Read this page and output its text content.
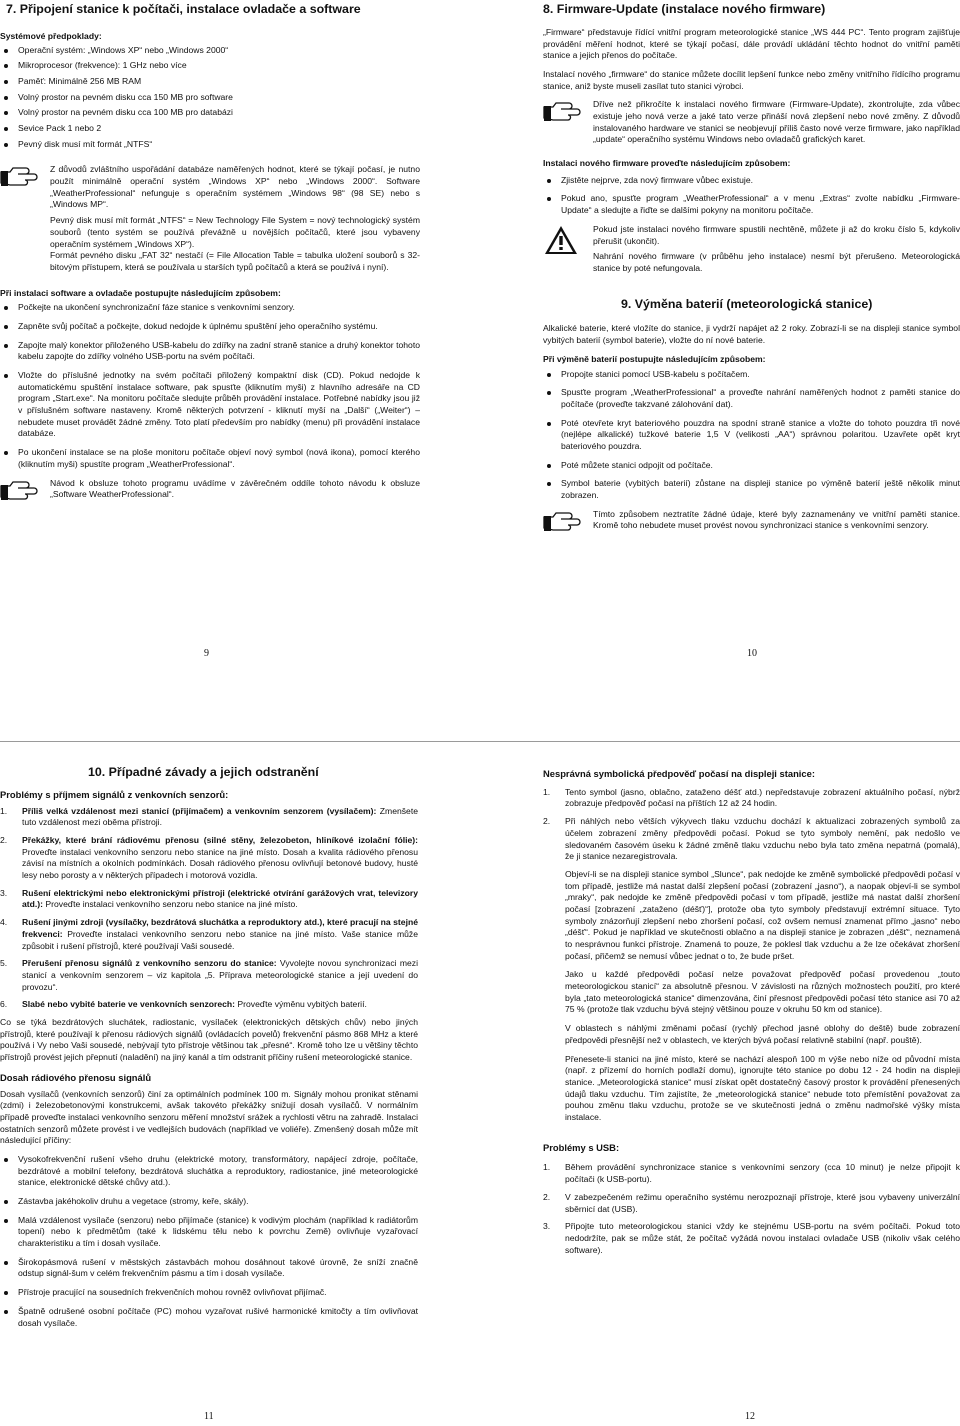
7. Připojení stanice k počítači, instalace ovladače a software
Systémové předpoklady:
Operační systém: „Windows XP“ nebo „Windows 2000“
Mikroprocesor (frekvence): 1 GHz nebo více
Paměť: Minimálně 256 MB RAM
Volný prostor na pevném disku cca 150 MB pro software
Volný prostor na pevném disku cca 100 MB pro databázi
Sevice Pack 1 nebo 2
Pevný disk musí mít formát „NTFS“

Z důvodů zvláštního uspořádání databáze naměřených hodnot, které se týkají počasí, je nutno použít minimálně operační systém „Windows XP“ nebo „Windows 2000“. Software „WeatherProfessional“ nefunguje s operačním systémem „Windows 98“ (98 SE) nebo s „Windows MP“.

Pevný disk musí mít formát „NTFS“ = New Technology File System = nový technologický systém souborů (tento systém se používá převážně u novějších počítačů, které jsou vybaveny operačním systémem „Windows XP“).

Formát pevného disku „FAT 32“ nestačí (= File Allocation Table = tabulka uložení souborů s 32-bitovým přístupem, která se používala u starších typů počítačů a která se používá i nyní).

Při instalaci software a ovladače postupujte následujícím způsobem:
Počkejte na ukončení synchronizační fáze stanice s venkovními senzory.
Zapněte svůj počítač a počkejte, dokud nedojde k úplnému spuštění jeho operačního systému.
Zapojte malý konektor přiloženého USB-kabelu do zdířky na zadní straně stanice a druhý konektor tohoto kabelu zapojte do zdířky volného USB-portu na svém počítači.
Vložte do příslušné jednotky na svém počítači přiložený kompaktní disk (CD). Pokud nedojde k automatickému spuštění instalace software, pak spusťte (kliknutím myši) z hlavního adresáře na CD program „Start.exe“. Na monitoru počítače sledujte průběh provádění instalace. Potřebné nabídky jsou již v příslušném software nastaveny. Kromě některých potvrzení - kliknutí myší na „Další“ („Weiter“) – nebudete muset provádět žádné změny. Toto platí především pro nabídky (menu) při provádění instalace databáze.
Po ukončení instalace se na ploše monitoru počítače objeví nový symbol (nová ikona), pomocí kterého (kliknutím myši) spustíte program „WeatherProfessional“.

Návod k obsluze tohoto programu uvádíme v závěrečném oddíle tohoto návodu k obsluze „Software WeatherProfessional“.

8. Firmware-Update (instalace nového firmware)

„Firmware“ představuje řídící vnitřní program meteorologické stanice „WS 444 PC“. Tento program zajišťuje provádění měření hodnot, které se týkají počasí, dále provádí ukládání těchto hodnot do vnitřní paměti stanice a jejich přenos do počítače.

Instalací nového „firmware“ do stanice můžete docílit lepšení funkce nebo změny vnitřního řídícího programu stanice, aniž byste museli zasílat tuto stanici výrobci.

Dříve než přikročíte k instalaci nového firmware (Firmware-Update), zkontrolujte, zda vůbec existuje jeho nová verze a jaké tato verze přináší nová zlepšení nebo nové změny. Z důvodů instalovaného hardware ve stanici se neobjevují příliš často nové verze firmware, jako například „update“ operačního systému Windows nebo ovladačů grafických karet.

Instalaci nového firmware proveďte následujícím způsobem:
Zjistěte nejprve, zda nový firmware vůbec existuje.
Pokud ano, spusťte program „WeatherProfessional“ a v menu „Extras“ zvolte nabídku „Firmware-Update“ a sledujte a řiďte se dalšími pokyny na monitoru počítače.

Pokud jste instalaci nového firmware spustili nechtěně, můžete ji až do kroku číslo 5, kdykoliv přerušit (ukončit).

Nahrání nového firmware (v průběhu jeho instalace) nesmí být přerušeno. Meteorologická stanice by poté nefungovala.

9. Výměna baterií (meteorologická stanice)

Alkalické baterie, které vložíte do stanice, ji vydrží napájet až 2 roky. Zobrazí-li se na displeji stanice symbol vybitých baterií (symbol baterie), vložte do ní nové baterie.

Při výměně baterií postupujte následujícím způsobem:
Propojte stanici pomocí USB-kabelu s počítačem.
Spusťte program „WeatherProfessional“ a proveďte nahrání naměřených hodnot z paměti stanice do počítače (proveďte takzvané zálohování dat).
Poté otevřete kryt bateriového pouzdra na spodní straně stanice a vložte do tohoto pouzdra tři nové (nejlépe alkalické) tužkové baterie 1,5 V (velikosti „AA“) správnou polaritou. Uzavřete opět kryt bateriového pouzdra.
Poté můžete stanici odpojit od počítače.
Symbol baterie (vybitých baterií) zůstane na displeji stanice po výměně baterií ještě několik minut zobrazen.

Tímto způsobem neztratíte žádné údaje, které byly zaznamenány ve vnitřní paměti stanice. Kromě toho nebudete muset provést novou synchronizaci stanice s venkovními senzory.

9	10
10. Případné závady a jejich odstranění
Problémy s příjmem signálů z venkovních senzorů:
1. Příliš velká vzdálenost mezi stanicí (přijímačem) a venkovním senzorem (vysílačem): Zmenšete tuto vzdálenost mezi oběma přístroji.
2. Překážky, které brání rádiovému přenosu (silné stěny, železobeton, hliníkové izolační fólie): Proveďte instalaci venkovního senzoru nebo stanice na jiné místo. Dosah a kvalita rádiového přenosu závisí na místních a okolních podmínkách. Dosah rádiového přenosu ovlivňují betonové budovy, husté lesy nebo porosty a v některých případech i motorová vozidla.
3. Rušení elektrickými nebo elektronickými přístroji (elektrické otvírání garážových vrat, televizory atd.): Proveďte instalaci venkovního senzoru nebo stanice na jiné místo.
4. Rušení jinými zdroji (vysílačky, bezdrátová sluchátka a reproduktory atd.), které pracují na stejné frekvenci: Proveďte instalaci venkovního senzoru nebo stanice na jiné místo. Vaše stanice může způsobit i rušení přístrojů, které používají Vaši sousedé.
5. Přerušení přenosu signálů z venkovního senzoru do stanice: Vyvolejte novou synchronizaci mezi stanicí a venkovním senzorem – viz kapitola „5. Příprava meteorologické stanice a její uvedení do provozu“.
6. Slabé nebo vybité baterie ve venkovních senzorech: Proveďte výměnu vybitých baterií.

Co se týká bezdrátových sluchátek, radiostanic, vysílaček (elektronických dětských chův) nebo jiných přístrojů, které používají k přenosu rádiových signálů (ovládacích povelů) frekvenční pásmo 868 MHz a které používá i Vy nebo Vaši sousedé, nebývají tyto přístroje většinou tak „přesné“. Kromě toho lze u většiny těchto přístrojů provést jejich přepnutí (naladění) na jiný kanál a tím odstranit příčiny rušení meteorologické stanice.

Dosah rádiového přenosu signálů

Dosah vysílačů (venkovních senzorů) činí za optimálních podmínek 100 m. Signály mohou pronikat stěnami (zdmi) i železobetonovými konstrukcemi, avšak takovéto překážky snižují dosah vysílačů. V normálním případě proveďte instalaci venkovního senzoru měření množství srážek a rychlosti větru na zahradě. Instalaci ostatních senzorů můžete provést i ve vedlejších budovách (například ve voliéře). Zmenšený dosah může mít následující příčiny:

Vysokofrekvenční rušení všeho druhu (elektrické motory, transformátory, napájecí zdroje, počítače, bezdrátové a mobilní telefony, bezdrátová sluchátka a reproduktory, radiostanice, jiné meteorologické stanice, elektronické dětské chůvy atd.).
Zástavba jakéhokoliv druhu a vegetace (stromy, keře, skály).
Malá vzdálenost vysílače (senzoru) nebo přijímače (stanice) k vodivým plochám (například k radiátorům topení) nebo k předmětům (také k lidskému tělu nebo k povrchu Země) ovlivňuje vyzařovací charakteristiku a tím i dosah vysílače.
Širokopásmová rušení v městských zástavbách mohou dosáhnout takové úrovně, že sníží značně odstup signál-šum v celém frekvenčním pásmu a tím i dosah vysílače.
Přístroje pracující na sousedních frekvenčních mohou rovněž ovlivňovat přijímač.
Špatně odrušené osobní počítače (PC) mohou vyzařovat rušivé harmonické kmitočty a tím ovlivňovat dosah vysílače.
Nesprávná symbolická předpověď počasí na displeji stanice:
1. Tento symbol (jasno, oblačno, zataženo déšť atd.) nepředstavuje zobrazení aktuálního počasí, nýbrž zobrazuje předpověď počasí na příštích 12 až 24 hodin.
2. Při náhlých nebo větších výkyvech tlaku vzduchu dochází k aktualizaci zobrazených symbolů za účelem zobrazení změny předpovědi počasí. Pokud se tyto symboly nemění, pak nedošlo ve sledovaném časovém úseku k žádné změně tlaku vzduchu nebo byla tato změna nepatrná (pomalá), že ji stanice nezaregistrovala.

Objeví-li se na displeji stanice symbol „Slunce“, pak nedojde ke změně symbolické předpovědi počasí v tom případě, jestliže má nastat další zlepšení počasí (zobrazení „jasno“), a naopak objeví-li se symbol „mraky“, pak nedojde ke změně předpovědi počasí v tom případě, jestliže má nastat další zhoršení počasí [zobrazení „zataženo (déšť)“], protože oba tyto symboly představují extrémní situace. Tyto symboly znázorňují zlepšení nebo zhoršení počasí, což ovšem nemusí znamenat přímo „jasno“ nebo „déšť“. Pokud je například ve skutečnosti oblačno a na displeji stanice je zobrazen „déšť“, neznamená to nesprávnou funkci přístroje. Znamená to pouze, že poklesl tlak vzduchu a že lze očekávat zhoršení počasí, přičemž se nemusí vůbec jednat o to, že bude pršet.

Jako u každé předpovědi počasí nelze považovat předpověď počasí provedenou „touto meteorologickou stanicí“ za absolutně přesnou. V závislosti na různých možnostech použití, pro které byla „tato meteorologická stanice“ dimenzována, činí přesnost předpovědi počasí této stanice asi 70 až 75 % (protože tlak vzduchu bývá stejný většinou pouze v okruhu 50 km od stanice).

V oblastech s náhlými změnami počasí (rychlý přechod jasné oblohy do deště) bude zobrazení předpovědi přesnější než v oblastech, ve kterých bývá počasí relativně stabilní (např. pouště).

Přenesete-li stanici na jiné místo, které se nachází alespoň 100 m výše nebo níže od původní místa (např. z přízemí do horních podlaží domu), ignorujte této stanice po dobu 12 - 24 hodin na displeji stanice. „Meteorologická stanice“ musí získat opět dostatečný časový prostor k provádění přenesených údajů tlaku vzduchu. Tím zajistíte, že „meteorologická stanice“ nebude toto přemístění považovat za pouhou změnu tlaku vzduchu, protože se ve skutečnosti jedná o změnu nadmořské výšky místa instalace.

Problémy s USB:
1. Během provádění synchronizace stanice s venkovními senzory (cca 10 minut) je nelze připojit k počítači (k USB-portu).
2. V zabezpečeném režimu operačního systému nerozpoznají přístroje, které jsou vybaveny univerzální sběrnicí dat (USB).
3. Připojte tuto meteorologickou stanici vždy ke stejnému USB-portu na svém počítači. Pokud toto nedodržíte, pak se může stát, že počítač vyžádá novou instalaci ovladače USB (nikoliv však celého software).
11	12
